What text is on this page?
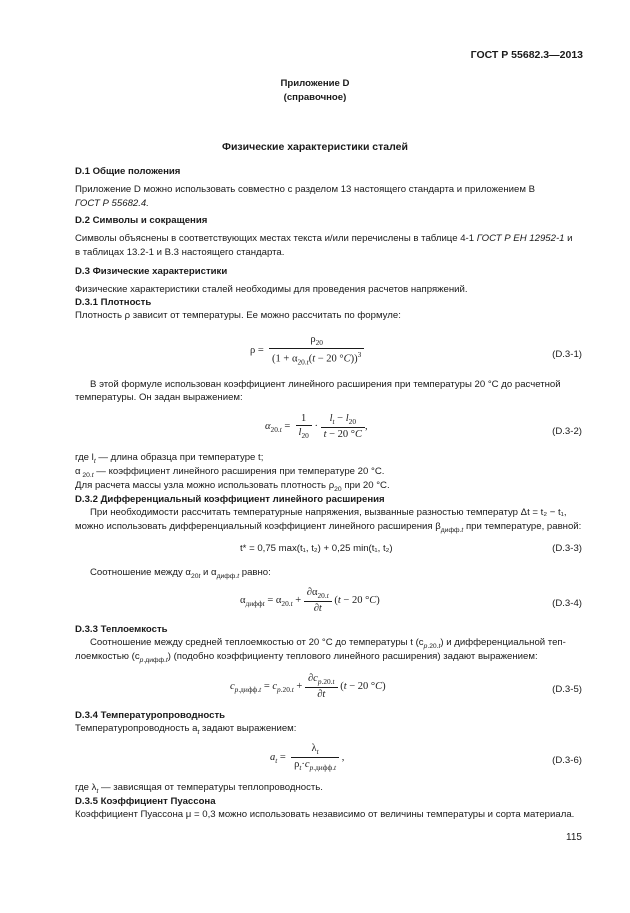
ГОСТ Р 55682.3—2013
Приложение D
(справочное)
Физические характеристики сталей
D.1 Общие положения
Приложение D можно использовать совместно с разделом 13 настоящего стандарта и приложением В
ГОСТ Р 55682.4.
D.2 Символы и сокращения
Символы объяснены в соответствующих местах текста и/или перечислены в таблице 4-1 ГОСТ Р ЕН 12952-1 и
в таблицах 13.2-1 и В.3 настоящего стандарта.
D.3 Физические характеристики
Физические характеристики сталей необходимы для проведения расчетов напряжений.
D.3.1 Плотность
Плотность ρ зависит от температуры. Ее можно рассчитать по формуле:
$\rho = \frac{\rho_{20}}{(1 + \alpha_{20.t}(t - 20 ^\circ C))^3}$	(D.3-1)
В этой формуле использован коэффициент линейного расширения при температуры 20 °С до расчетной
температуры. Он задан выражением:
$\alpha_{20.t} = \frac{1}{l_{20}} \cdot \frac{l_t - l_{20}}{t - 20 ^\circ C}$ ,	(D.3-2)
где $l_t$ — длина образца при температуре t;
α $_{20.t}$ — коэффициент линейного расширения при температуре 20 °С.
Для расчета массы узла можно использовать плотность $\rho_{20}$ при 20 °С.
D.3.2 Дифференциальный коэффициент линейного расширения
При необходимости рассчитать температурные напряжения, вызванные разностью температур Δt = t₂ − t₁,
можно использовать дифференциальный коэффициент линейного расширения $\beta_{дифф.t}$ при температуре, равной:
t* = 0,75 max(t₁, t₂) + 0,25 min(t₁, t₂)	(D.3-3)
Соотношение между $\alpha_{20t}$ и $\alpha_{дифф.t}$ равно:
$\alpha_{диффt} = \alpha_{20.t} + \frac{\partial\alpha_{20.t}}{\partial t} (t - 20$ °C)	(D.3-4)
D.3.3 Теплоемкость
Соотношение между средней теплоемкостью от 20 °С до температуры t $(c_{p.20.t})$ и дифференциальной теп-
лоемкостью $(c_{p.дифф.t})$ (подобно коэффициенту теплового линейного расширения) задают выражением:
$c_{p.дифф.t} = c_{p.20.t} + \frac{\partial c_{p.20.t}}{\partial t} (t - 20$ °C)	(D.3-5)
D.3.4 Температуропроводность
Температуропроводность $a_t$ задают выражением:
$a_t = \frac{\lambda_t}{\rho_t\cdot c_{p.дифф.t}}$ ,	(D.3-6)
где $\lambda_t$ — зависящая от температуры теплопроводность.
D.3.5 Коэффициент Пуассона
Коэффициент Пуассона μ = 0,3 можно использовать независимо от величины температуры и сорта материала.
115
